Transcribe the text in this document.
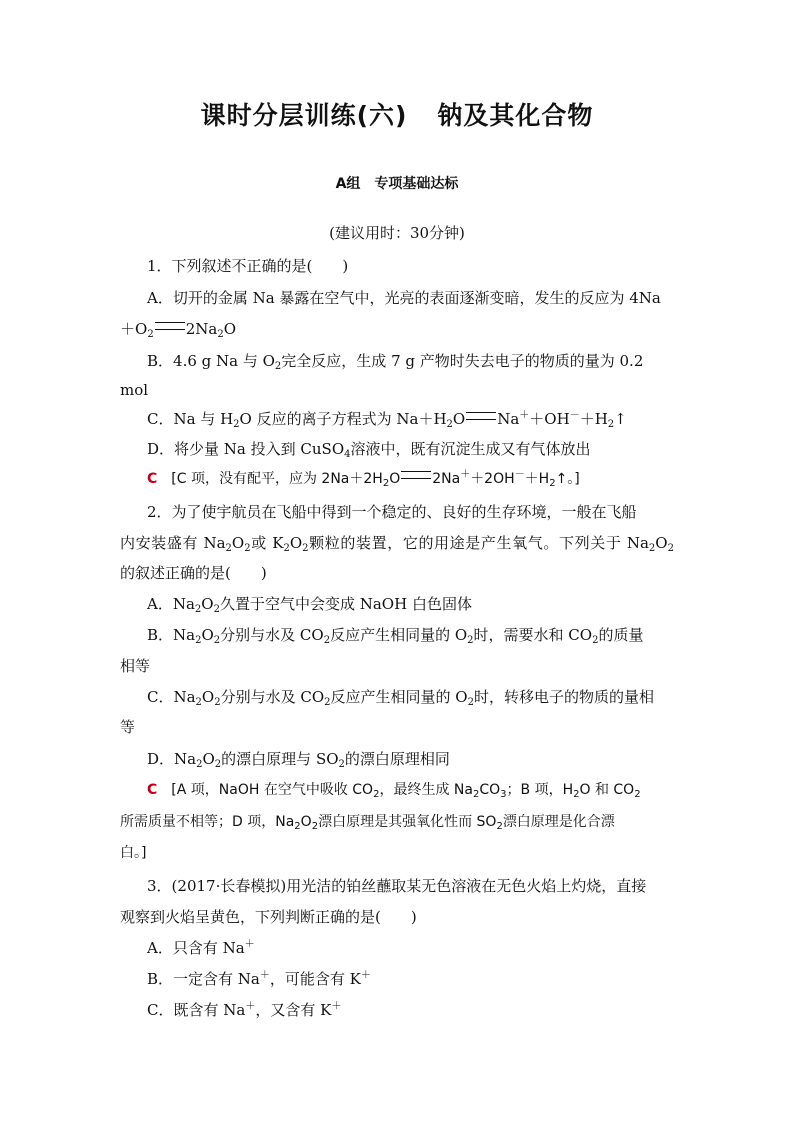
课时分层训练(六) 钠及其化合物
A组 专项基础达标
(建议用时：30分钟)
1．下列叙述不正确的是(　　)
A．切开的金属 Na 暴露在空气中，光亮的表面逐渐变暗，发生的反应为 4Na
$+O_2$ $2Na_2O$
B．4.6 g Na 与 $O_2$完全反应，生成 7 g 产物时失去电子的物质的量为 0.2
mol
C．Na 与 $H_2O$ 反应的离子方程式为 $Na+H_2O$ $Na^++OH^-+H_2↑$
D．将少量 Na 投入到 CuSO$_4$溶液中，既有沉淀生成又有气体放出
C　 [C 项，没有配平，应为 $2Na+2H_2O$ $2Na^++2OH^-+H_2↑$。]
2．为了使宇航员在飞船中得到一个稳定的、良好的生存环境，一般在飞船
内安装盛有 $Na_2O_2$或 $K_2O_2$颗粒的装置，它的用途是产生氧气。下列关于 $Na_2O_2$
的叙述正确的是(　　)
A．$Na_2O_2$久置于空气中会变成 NaOH 白色固体
B．$Na_2O_2$分别与水及 $CO_2$反应产生相同量的 $O_2$时，需要水和 $CO_2$的质量
相等
C．$Na_2O_2$分别与水及 $CO_2$反应产生相同量的 $O_2$时，转移电子的物质的量相
等
D．$Na_2O_2$的漂白原理与 $SO_2$的漂白原理相同
C　 [A 项，NaOH 在空气中吸收 $CO_2$，最终生成 $Na_2CO_3$；B 项，$H_2O$ 和 $CO_2$
所需质量不相等；D 项，$Na_2O_2$漂白原理是其强氧化性而 $SO_2$漂白原理是化合漂
白。]
3．(2017·长春模拟)用光洁的铂丝蘸取某无色溶液在无色火焰上灼烧，直接
观察到火焰呈黄色，下列判断正确的是(　　)
A．只含有 Na＋
B．一定含有 Na＋，可能含有 K＋
C．既含有 Na＋，又含有 K＋
